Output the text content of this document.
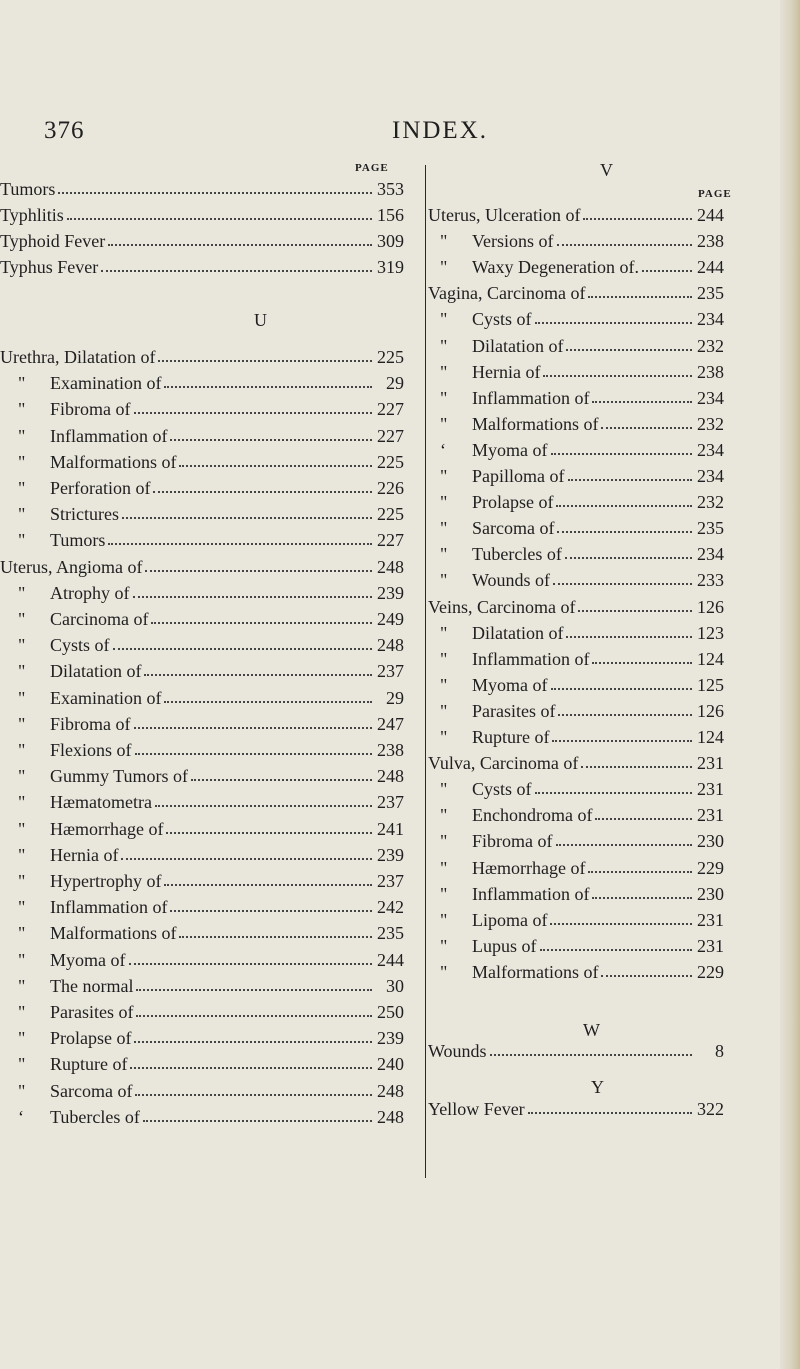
376	INDEX.
PAGE
Tumors	353
Typhlitis	156
Typhoid Fever	309
Typhus Fever	319
U
Urethra, Dilatation of	225
"	Examination of	29
"	Fibroma of	227
"	Inflammation of	227
"	Malformations of	225
"	Perforation of	226
"	Strictures	225
"	Tumors	227
Uterus, Angioma of	248
"	Atrophy of	239
"	Carcinoma of	249
"	Cysts of	248
"	Dilatation of	237
"	Examination of	29
"	Fibroma of	247
"	Flexions of	238
"	Gummy Tumors of	248
"	Hæmatometra	237
"	Hæmorrhage of	241
"	Hernia of	239
"	Hypertrophy of	237
"	Inflammation of	242
"	Malformations of	235
"	Myoma of	244
"	The normal	30
"	Parasites of	250
"	Prolapse of	239
"	Rupture of	240
"	Sarcoma of	248
‘	Tubercles of	248
V
PAGE
Uterus, Ulceration of	244
"	Versions of	238
"	Waxy Degeneration of.	244
Vagina, Carcinoma of	235
"	Cysts of	234
"	Dilatation of	232
"	Hernia of	238
"	Inflammation of	234
"	Malformations of	232
‘	Myoma of	234
"	Papilloma of	234
"	Prolapse of	232
"	Sarcoma of	235
"	Tubercles of	234
"	Wounds of	233
Veins, Carcinoma of	126
"	Dilatation of	123
"	Inflammation of	124
"	Myoma of	125
"	Parasites of	126
"	Rupture of	124
Vulva, Carcinoma of	231
"	Cysts of	231
"	Enchondroma of	231
"	Fibroma of	230
"	Hæmorrhage of	229
"	Inflammation of	230
"	Lipoma of	231
"	Lupus of	231
"	Malformations of	229
W
Wounds	8
Y
Yellow Fever	322
